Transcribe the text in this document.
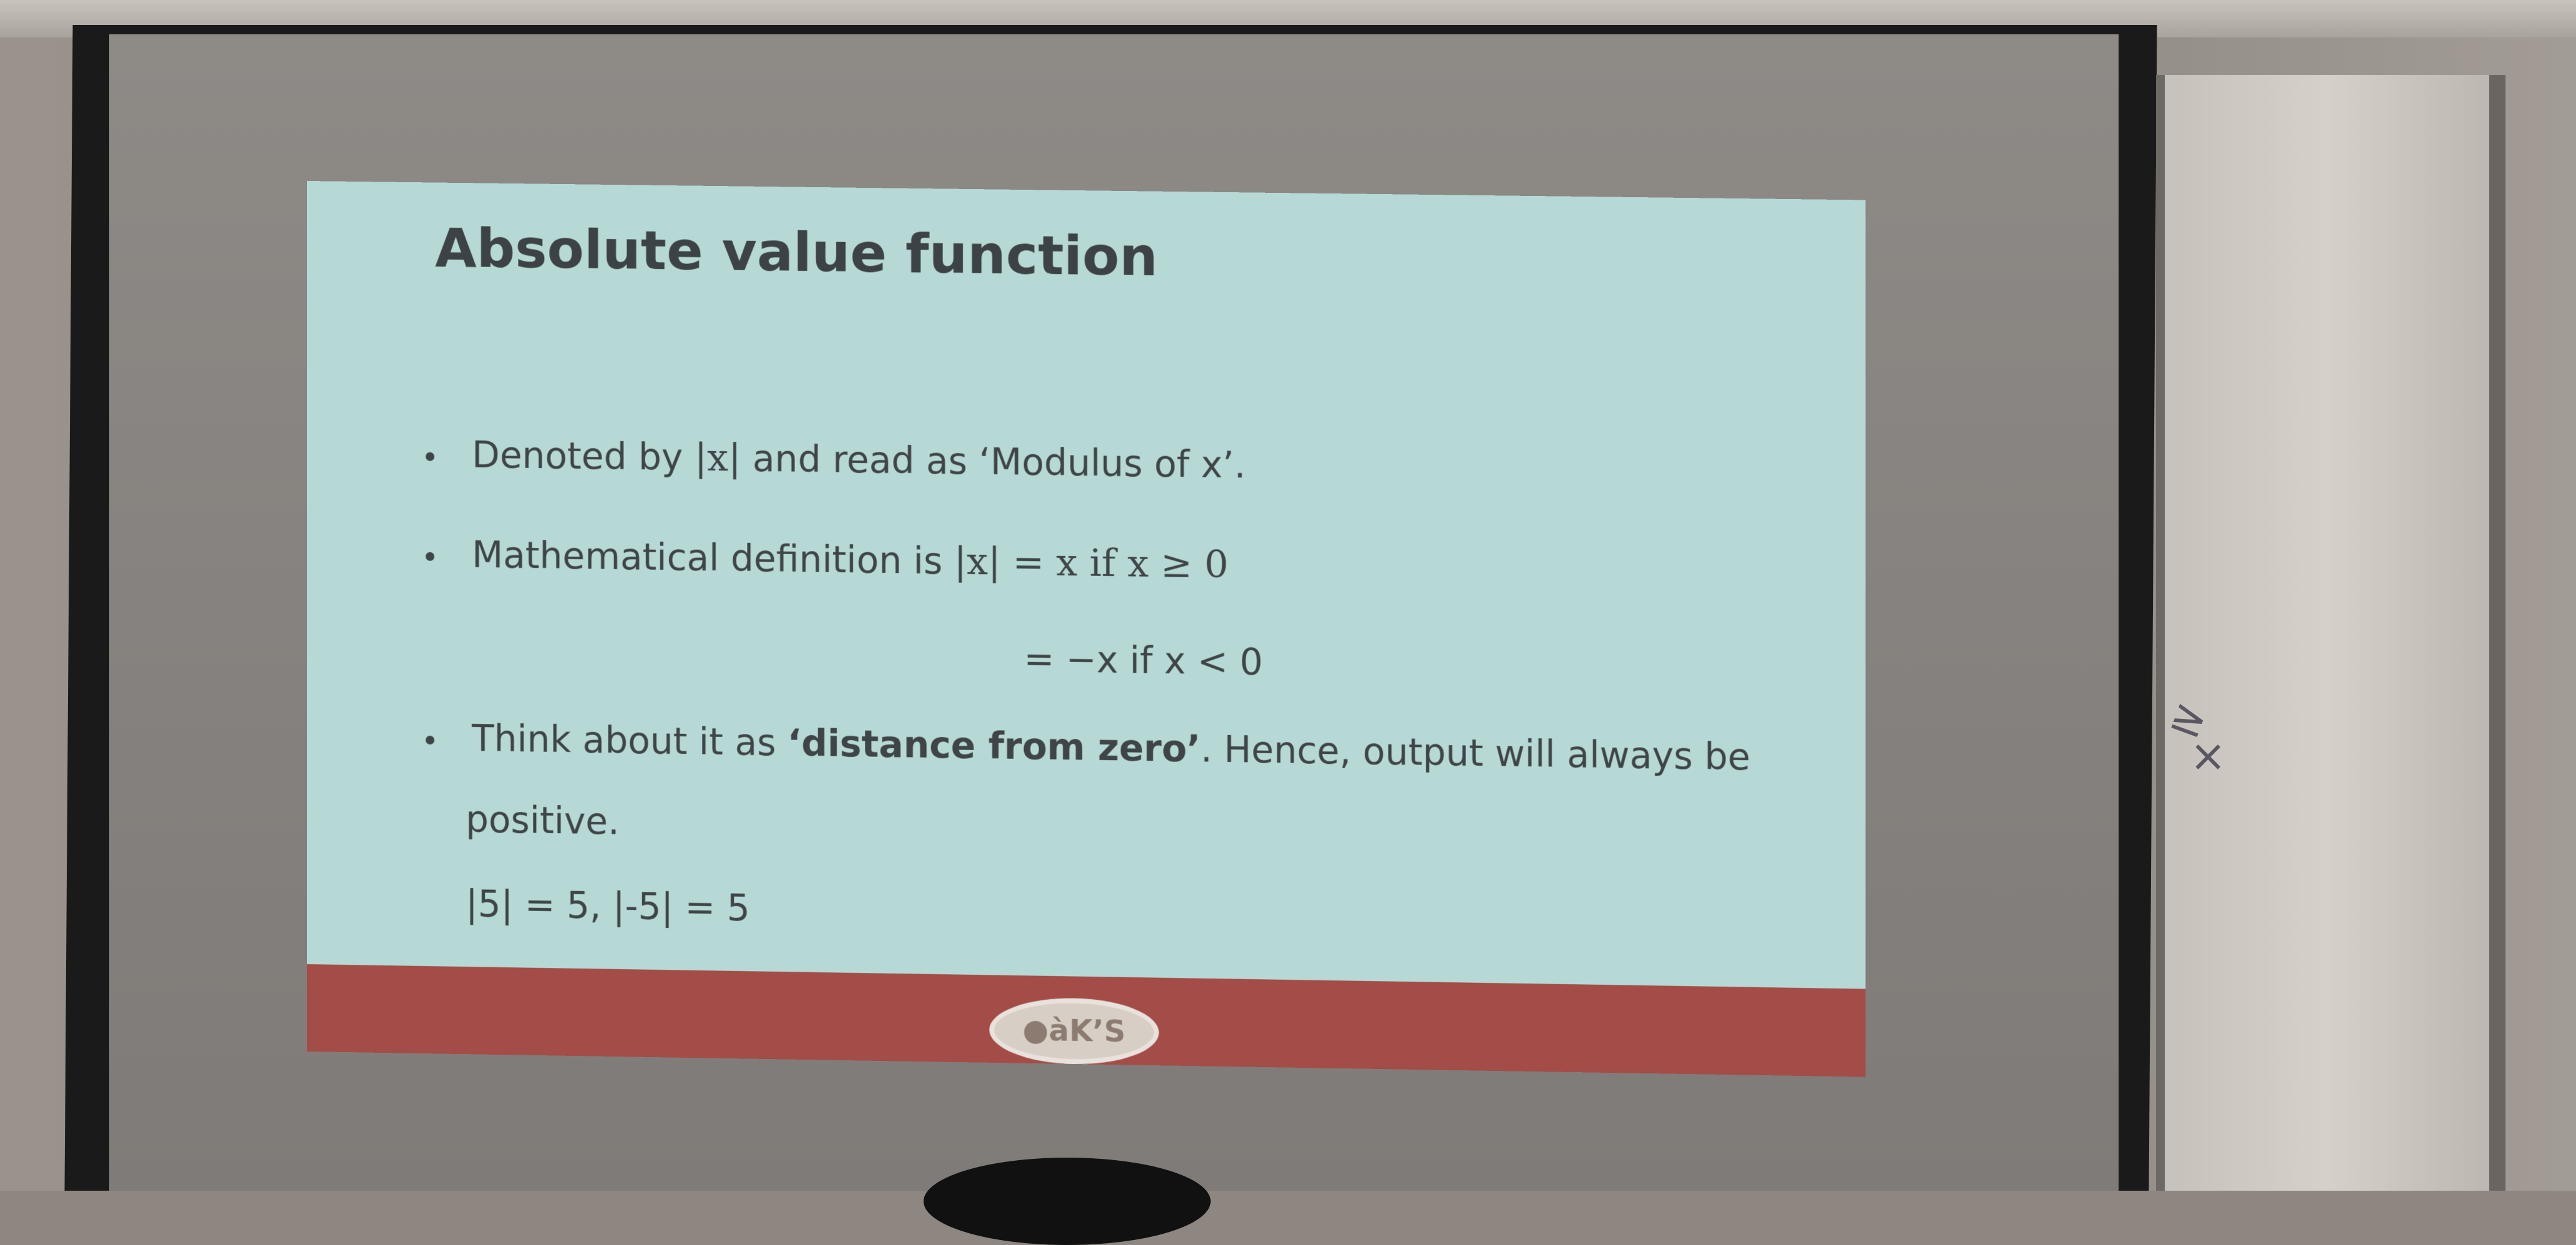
≥
×
Absolute value function
Denoted by |x| and read as ‘Modulus of x’.
Mathematical definition is |x| = x if x ≥ 0
= −x if x < 0
Think about it as ‘distance from zero’. Hence, output will always be
positive.
|5| = 5, |-5| = 5
●àK’S
